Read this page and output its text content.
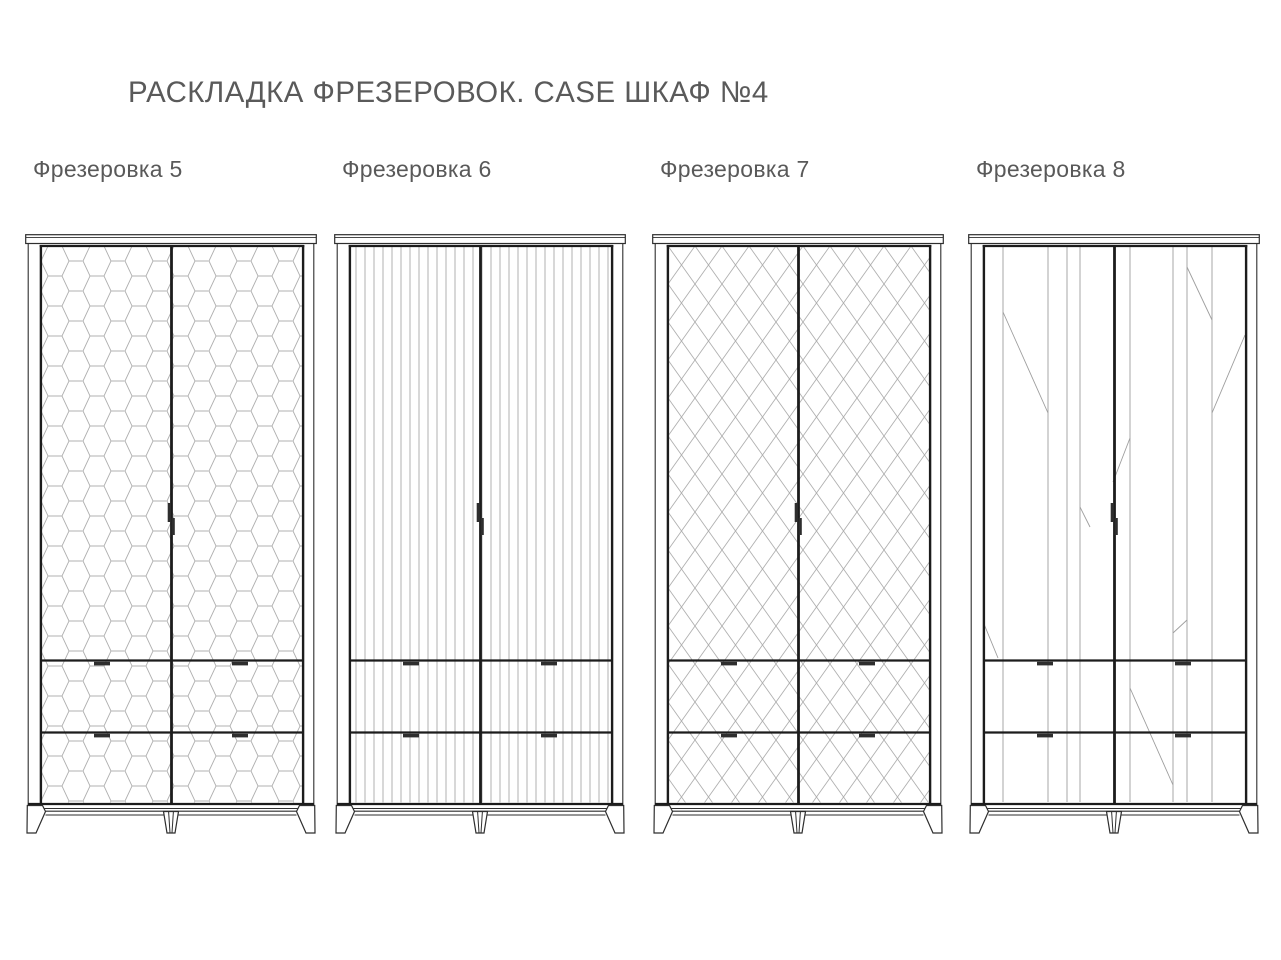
РАСКЛАДКА ФРЕЗЕРОВОК. CASE ШКАФ №4
Фрезеровка 5	Фрезеровка 6	Фрезеровка 7	Фрезеровка 8
